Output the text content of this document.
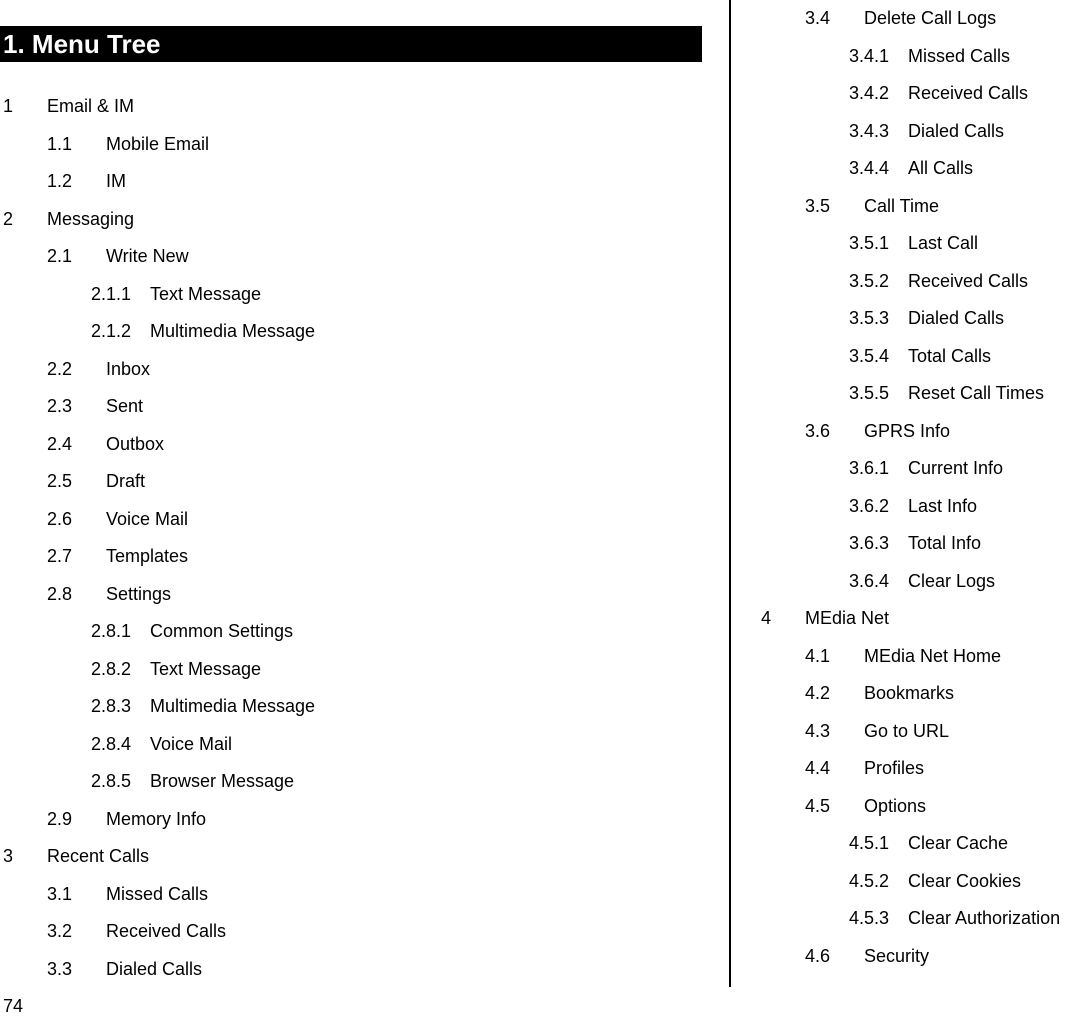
1. Menu Tree
1 Email & IM
1.1 Mobile Email
1.2 IM
2 Messaging
2.1 Write New
2.1.1 Text Message
2.1.2 Multimedia Message
2.2 Inbox
2.3 Sent
2.4 Outbox
2.5 Draft
2.6 Voice Mail
2.7 Templates
2.8 Settings
2.8.1 Common Settings
2.8.2 Text Message
2.8.3 Multimedia Message
2.8.4 Voice Mail
2.8.5 Browser Message
2.9 Memory Info
3 Recent Calls
3.1 Missed Calls
3.2 Received Calls
3.3 Dialed Calls
3.4 Delete Call Logs
3.4.1 Missed Calls
3.4.2 Received Calls
3.4.3 Dialed Calls
3.4.4 All Calls
3.5 Call Time
3.5.1 Last Call
3.5.2 Received Calls
3.5.3 Dialed Calls
3.5.4 Total Calls
3.5.5 Reset Call Times
3.6 GPRS Info
3.6.1 Current Info
3.6.2 Last Info
3.6.3 Total Info
3.6.4 Clear Logs
4 MEdia Net
4.1 MEdia Net Home
4.2 Bookmarks
4.3 Go to URL
4.4 Profiles
4.5 Options
4.5.1 Clear Cache
4.5.2 Clear Cookies
4.5.3 Clear Authorization
4.6 Security
74
